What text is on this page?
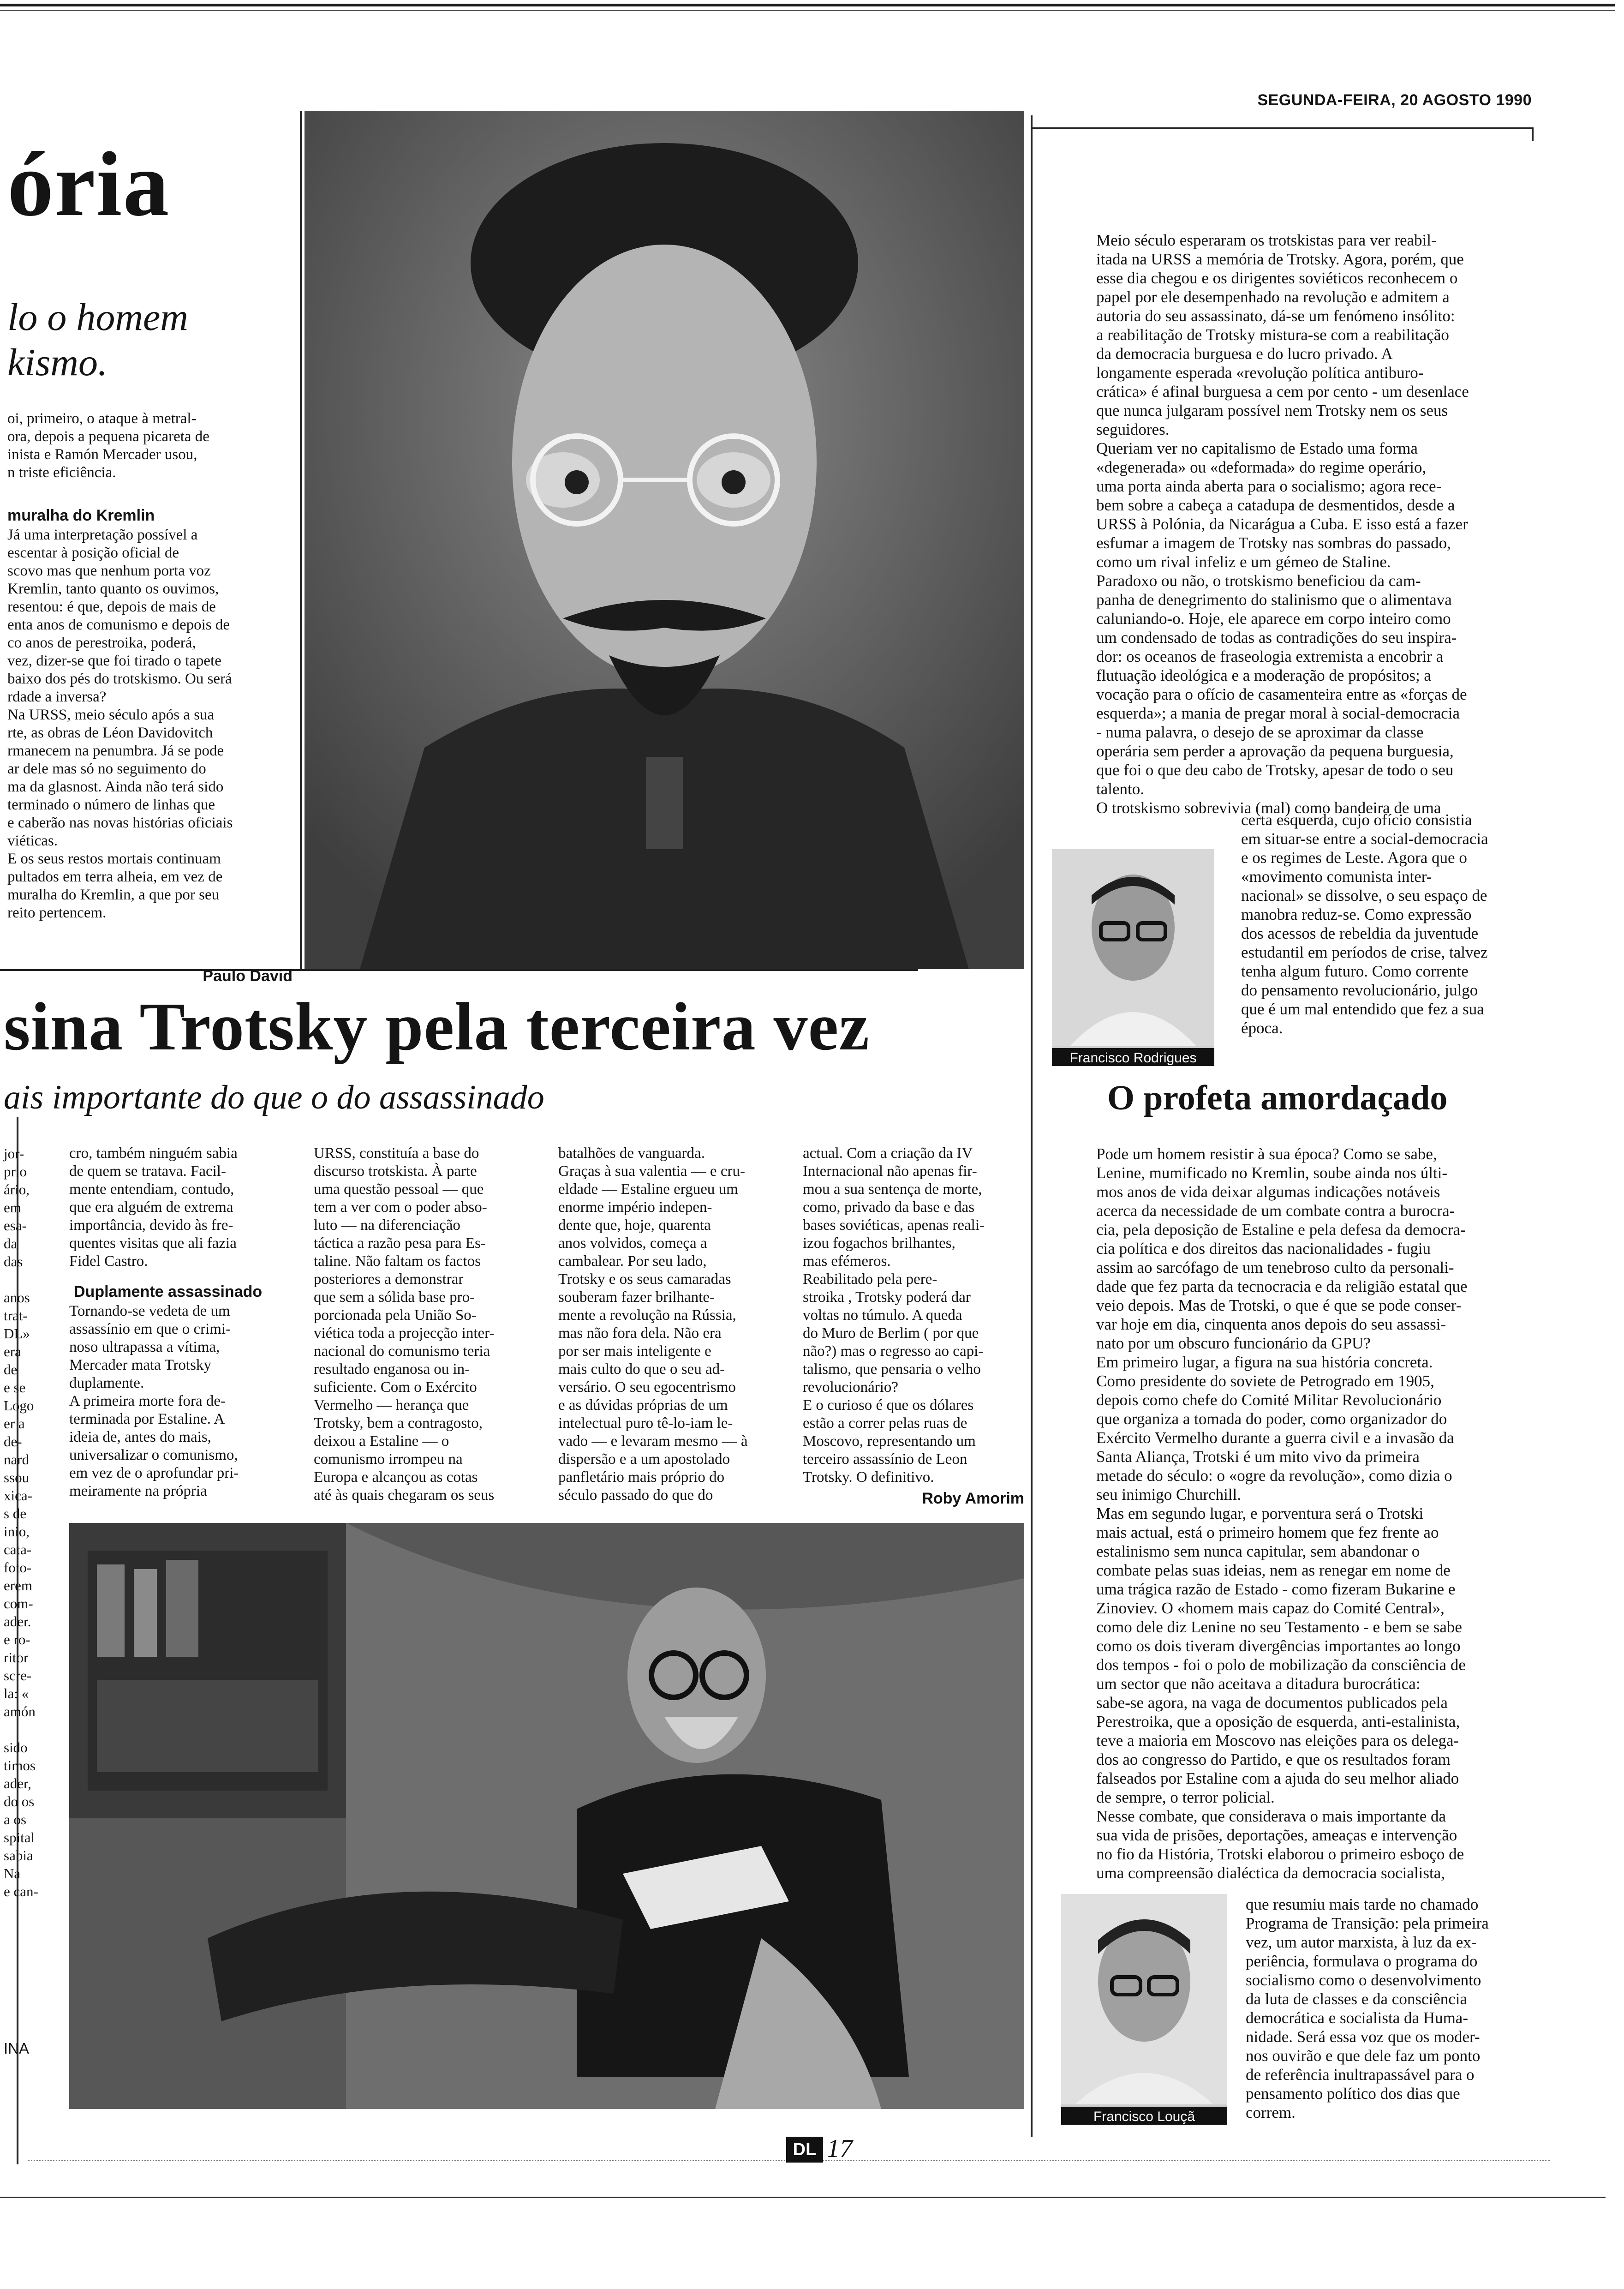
SEGUNDA-FEIRA, 20 AGOSTO 1990
ória
lo o homem
kismo.

oi, primeiro, o ataque à metral-
ora, depois a pequena picareta de
inista e Ramón Mercader usou,
n triste eficiência.

muralha do Kremlin

Já uma interpretação possível a
escentar à posição oficial de
scovo mas que nenhum porta voz
Kremlin, tanto quanto os ouvimos,
resentou: é que, depois de mais de
enta anos de comunismo e depois de
co anos de perestroika, poderá,
vez, dizer-se que foi tirado o tapete
baixo dos pés do trotskismo. Ou será
rdade a inversa?
Na URSS, meio século após a sua
rte, as obras de Léon Davidovitch
rmanecem na penumbra. Já se pode
ar dele mas só no seguimento do
ma da glasnost. Ainda não terá sido
terminado o número de linhas que
e caberão nas novas histórias oficiais
viéticas.
E os seus restos mortais continuam
pultados em terra alheia, em vez de
muralha do Kremlin, a que por seu
reito pertencem.

Paulo David
sina Trotsky pela terceira vez
ais importante do que o do assassinado

jor-
prio
ário,
em
esa-
da
das

anos
trat-
DL»
era
de
e se
Logo
er a
de-
nard
ssou
xica-
s de
inio,
cata-
foto-
erem
com-
ader.
e ro-
ritor
scre-
la: «
amón

sido
timos
ader,
do os
a os
spital
sabia
Na
e can-

cro, também ninguém sabia
de quem se tratava. Facil-
mente entendiam, contudo,
que era alguém de extrema
importância, devido às fre-
quentes visitas que ali fazia
Fidel Castro.

Duplamente assassinado

Tornando-se vedeta de um
assassínio em que o crimi-
noso ultrapassa a vítima,
Mercader mata Trotsky
duplamente.
A primeira morte fora de-
terminada por Estaline. A
ideia de, antes do mais,
universalizar o comunismo,
em vez de o aprofundar pri-
meiramente na própria

URSS, constituía a base do
discurso trotskista. À parte
uma questão pessoal — que
tem a ver com o poder abso-
luto — na diferenciação
táctica a razão pesa para Es-
taline. Não faltam os factos
posteriores a demonstrar
que sem a sólida base pro-
porcionada pela União So-
viética toda a projecção inter-
nacional do comunismo teria
resultado enganosa ou in-
suficiente. Com o Exército
Vermelho — herança que
Trotsky, bem a contragosto,
deixou a Estaline — o
comunismo irrompeu na
Europa e alcançou as cotas
até às quais chegaram os seus

batalhões de vanguarda.
Graças à sua valentia — e cru-
eldade — Estaline ergueu um
enorme império indepen-
dente que, hoje, quarenta
anos volvidos, começa a
cambalear. Por seu lado,
Trotsky e os seus camaradas
souberam fazer brilhante-
mente a revolução na Rússia,
mas não fora dela. Não era
por ser mais inteligente e
mais culto do que o seu ad-
versário. O seu egocentrismo
e as dúvidas próprias de um
intelectual puro tê-lo-iam le-
vado — e levaram mesmo — à
dispersão e a um apostolado
panfletário mais próprio do
século passado do que do

actual. Com a criação da IV
Internacional não apenas fir-
mou a sua sentença de morte,
como, privado da base e das
bases soviéticas, apenas reali-
izou fogachos brilhantes,
mas efémeros.
Reabilitado pela pere-
stroika , Trotsky poderá dar
voltas no túmulo. A queda
do Muro de Berlim ( por que
não?) mas o regresso ao capi-
talismo, que pensaria o velho
revolucionário?
E o curioso é que os dólares
estão a correr pelas ruas de
Moscovo, representando um
terceiro assassínio de Leon
Trotsky. O definitivo.

Roby Amorim
INA

Meio século esperaram os trotskistas para ver reabil-
itada na URSS a memória de Trotsky. Agora, porém, que
esse dia chegou e os dirigentes soviéticos reconhecem o
papel por ele desempenhado na revolução e admitem a
autoria do seu assassinato, dá-se um fenómeno insólito:
a reabilitação de Trotsky mistura-se com a reabilitação
da democracia burguesa e do lucro privado. A
longamente esperada «revolução política antiburo-
crática» é afinal burguesa a cem por cento - um desenlace
que nunca julgaram possível nem Trotsky nem os seus
seguidores.
Queriam ver no capitalismo de Estado uma forma
«degenerada» ou «deformada» do regime operário,
uma porta ainda aberta para o socialismo; agora rece-
bem sobre a cabeça a catadupa de desmentidos, desde a
URSS à Polónia, da Nicarágua a Cuba. E isso está a fazer
esfumar a imagem de Trotsky nas sombras do passado,
como um rival infeliz e um gémeo de Staline.
Paradoxo ou não, o trotskismo beneficiou da cam-
panha de denegrimento do stalinismo que o alimentava
caluniando-o. Hoje, ele aparece em corpo inteiro como
um condensado de todas as contradições do seu inspira-
dor: os oceanos de fraseologia extremista a encobrir a
flutuação ideológica e a moderação de propósitos; a
vocação para o ofício de casamenteira entre as «forças de
esquerda»; a mania de pregar moral à social-democracia
- numa palavra, o desejo de se aproximar da classe
operária sem perder a aprovação da pequena burguesia,
que foi o que deu cabo de Trotsky, apesar de todo o seu
talento.
O trotskismo sobrevivia (mal) como bandeira de uma

Francisco Rodrigues

certa esquerda, cujo ofício consistia
em situar-se entre a social-democracia
e os regimes de Leste. Agora que o
«movimento comunista inter-
nacional» se dissolve, o seu espaço de
manobra reduz-se. Como expressão
dos acessos de rebeldia da juventude
estudantil em períodos de crise, talvez
tenha algum futuro. Como corrente
do pensamento revolucionário, julgo
que é um mal entendido que fez a sua
época.

O profeta amordaçado

Pode um homem resistir à sua época? Como se sabe,
Lenine, mumificado no Kremlin, soube ainda nos últi-
mos anos de vida deixar algumas indicações notáveis
acerca da necessidade de um combate contra a burocra-
cia, pela deposição de Estaline e pela defesa da democra-
cia política e dos direitos das nacionalidades - fugiu
assim ao sarcófago de um tenebroso culto da personali-
dade que fez parta da tecnocracia e da religião estatal que
veio depois. Mas de Trotski, o que é que se pode conser-
var hoje em dia, cinquenta anos depois do seu assassi-
nato por um obscuro funcionário da GPU?
Em primeiro lugar, a figura na sua história concreta.
Como presidente do soviete de Petrogrado em 1905,
depois como chefe do Comité Militar Revolucionário
que organiza a tomada do poder, como organizador do
Exército Vermelho durante a guerra civil e a invasão da
Santa Aliança, Trotski é um mito vivo da primeira
metade do século: o «ogre da revolução», como dizia o
seu inimigo Churchill.
Mas em segundo lugar, e porventura será o Trotski
mais actual, está o primeiro homem que fez frente ao
estalinismo sem nunca capitular, sem abandonar o
combate pelas suas ideias, nem as renegar em nome de
uma trágica razão de Estado - como fizeram Bukarine e
Zinoviev. O «homem mais capaz do Comité Central»,
como dele diz Lenine no seu Testamento - e bem se sabe
como os dois tiveram divergências importantes ao longo
dos tempos - foi o polo de mobilização da consciência de
um sector que não aceitava a ditadura burocrática:
sabe-se agora, na vaga de documentos publicados pela
Perestroika, que a oposição de esquerda, anti-estalinista,
teve a maioria em Moscovo nas eleições para os delega-
dos ao congresso do Partido, e que os resultados foram
falseados por Estaline com a ajuda do seu melhor aliado
de sempre, o terror policial.
Nesse combate, que considerava o mais importante da
sua vida de prisões, deportações, ameaças e intervenção
no fio da História, Trotski elaborou o primeiro esboço de
uma compreensão dialéctica da democracia socialista,

Francisco Louçã

que resumiu mais tarde no chamado
Programa de Transição: pela primeira
vez, um autor marxista, à luz da ex-
periência, formulava o programa do
socialismo como o desenvolvimento
da luta de classes e da consciência
democrática e socialista da Huma-
nidade. Será essa voz que os moder-
nos ouvirão e que dele faz um ponto
de referência inultrapassável para o
pensamento político dos dias que
correm.

DL 17
